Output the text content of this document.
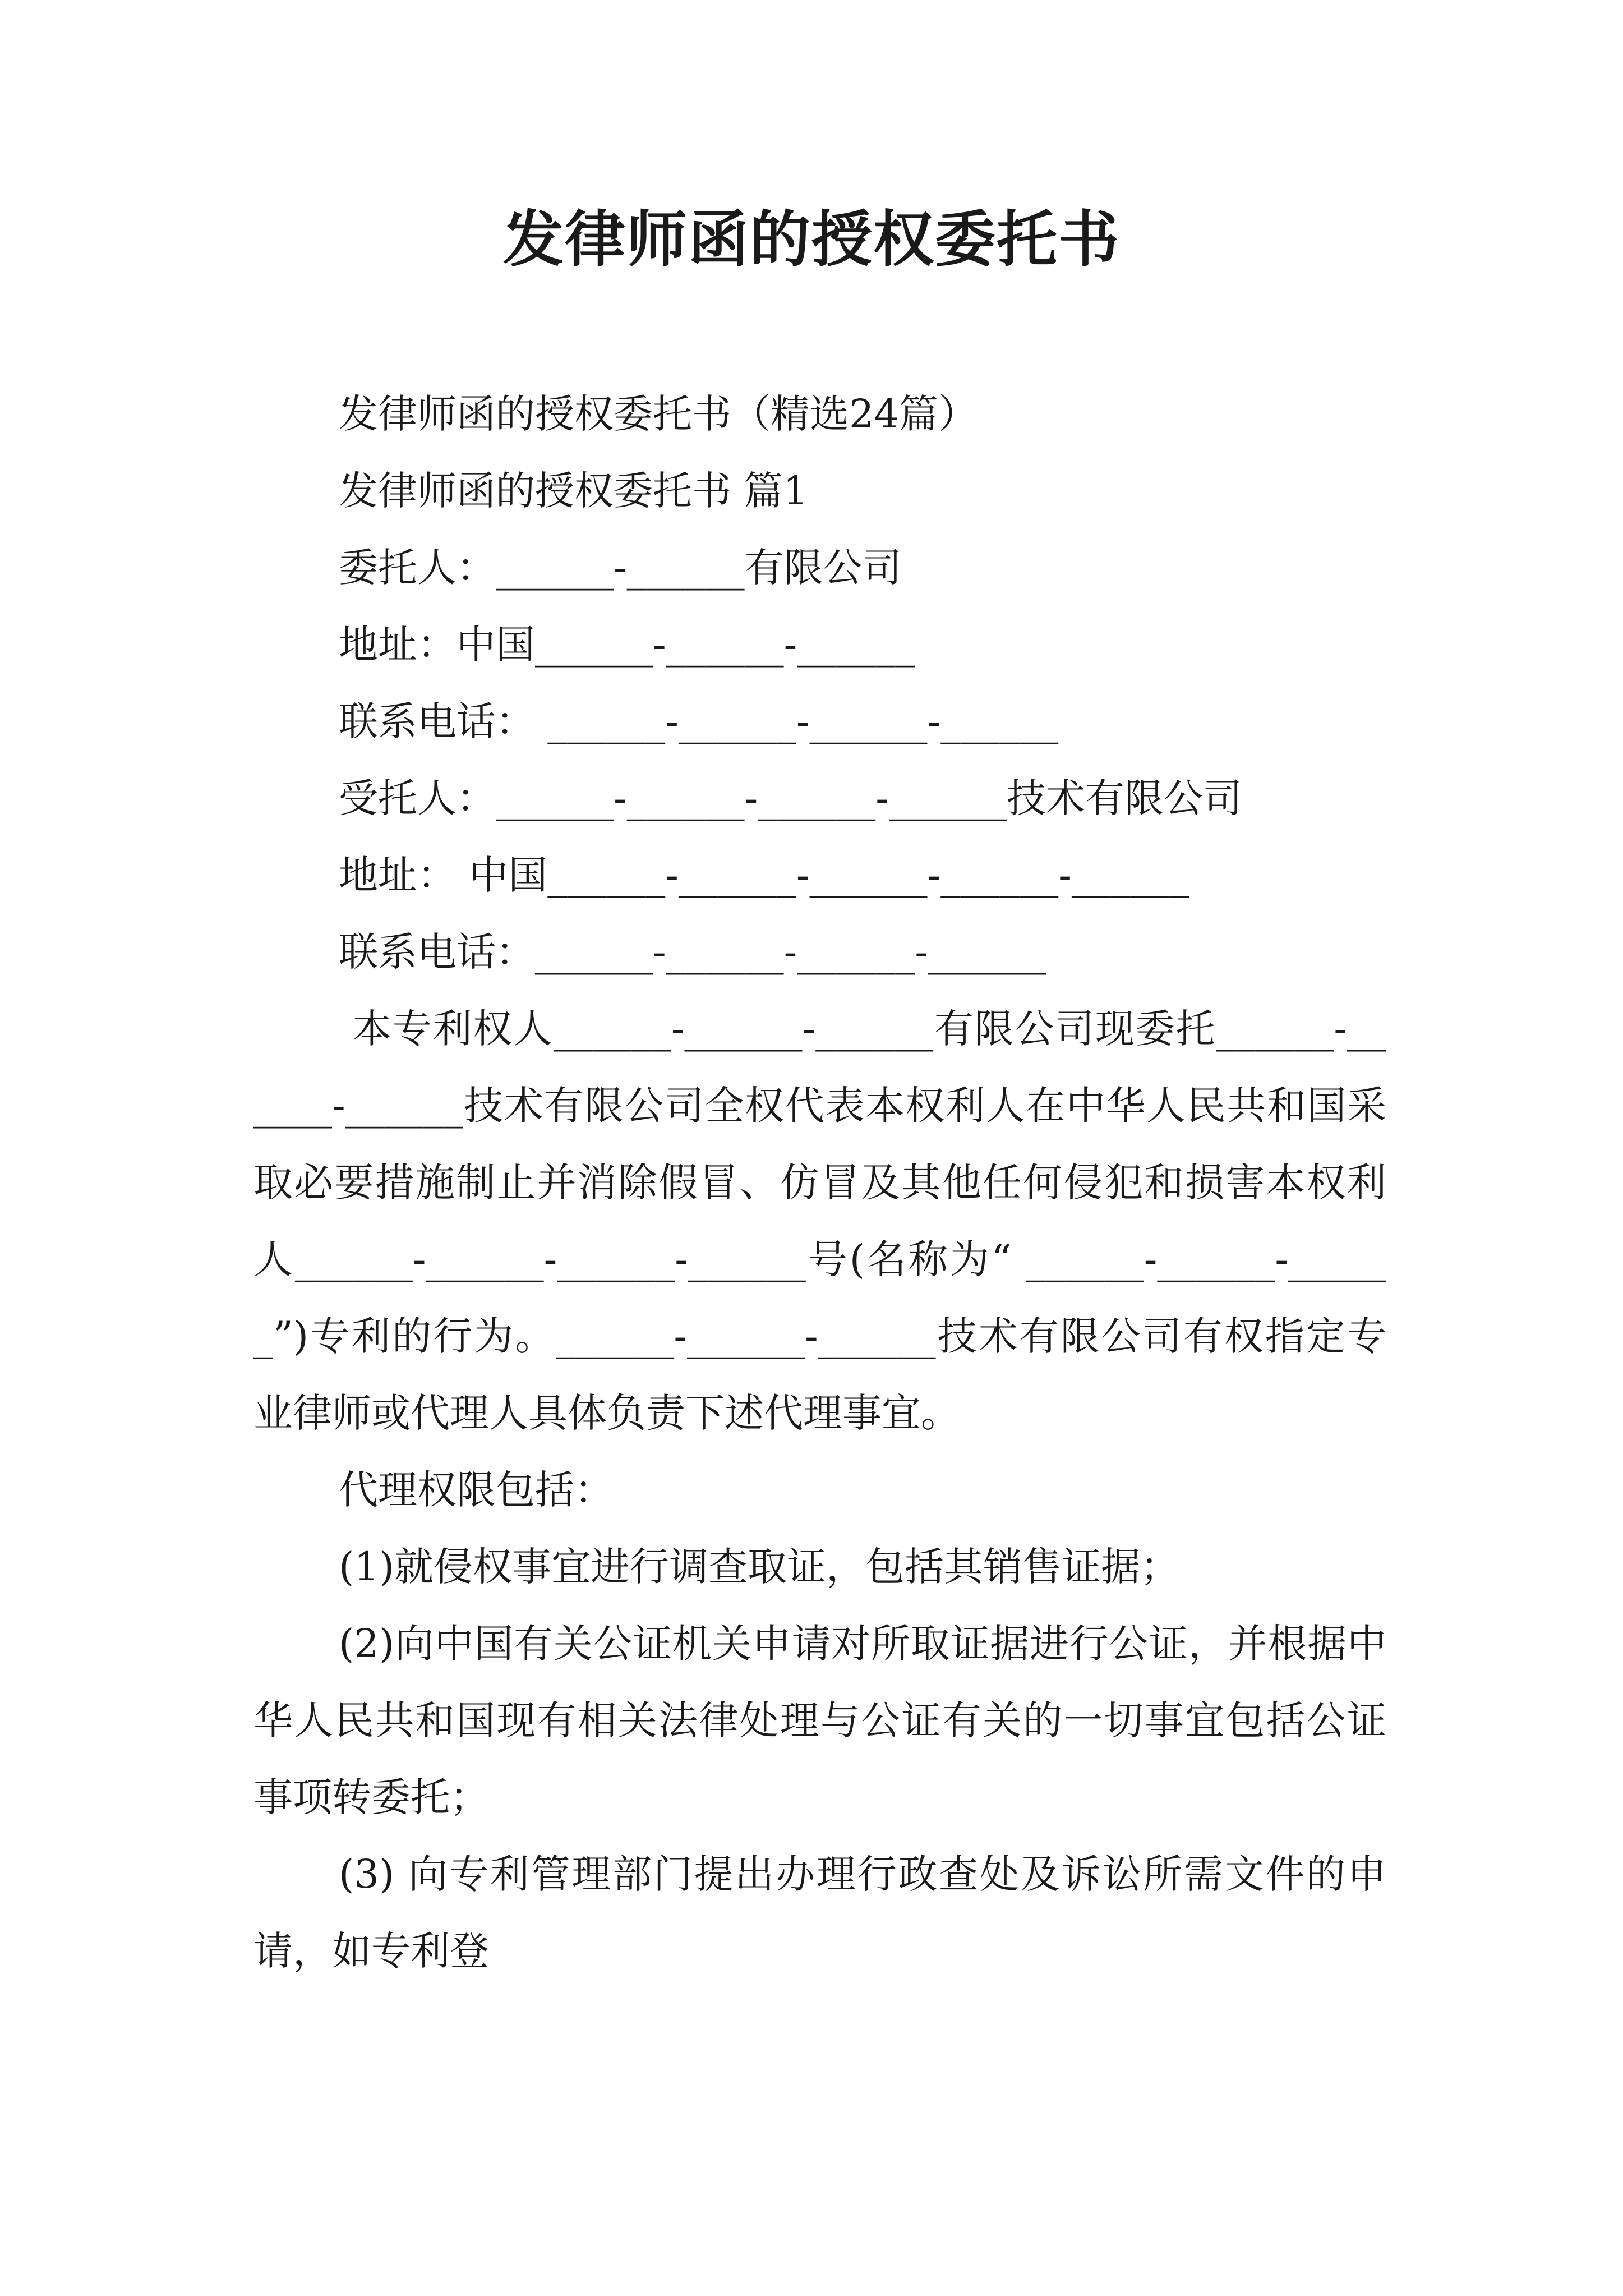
发律师函的授权委托书

发律师函的授权委托书（精选24篇）

发律师函的授权委托书 篇1

委托人：______-______有限公司

地址：中国______-______-______

联系电话： ______-______-______-______

受托人：______-______-______-______技术有限公司

地址： 中国______-______-______-______-______

联系电话：______-______-______-______

本专利权人______-______-______有限公司现委托______-______-______技术有限公司全权代表本权利人在中华人民共和国采取必要措施制止并消除假冒、仿冒及其他任何侵犯和损害本权利人______-______-______-______号(名称为“ ______-______-______”)专利的行为。______-______-______技术有限公司有权指定专业律师或代理人具体负责下述代理事宜。

代理权限包括：

(1)就侵权事宜进行调查取证，包括其销售证据；

(2)向中国有关公证机关申请对所取证据进行公证，并根据中华人民共和国现有相关法律处理与公证有关的一切事宜包括公证事项转委托；

(3) 向专利管理部门提出办理行政查处及诉讼所需文件的申请，如专利登
